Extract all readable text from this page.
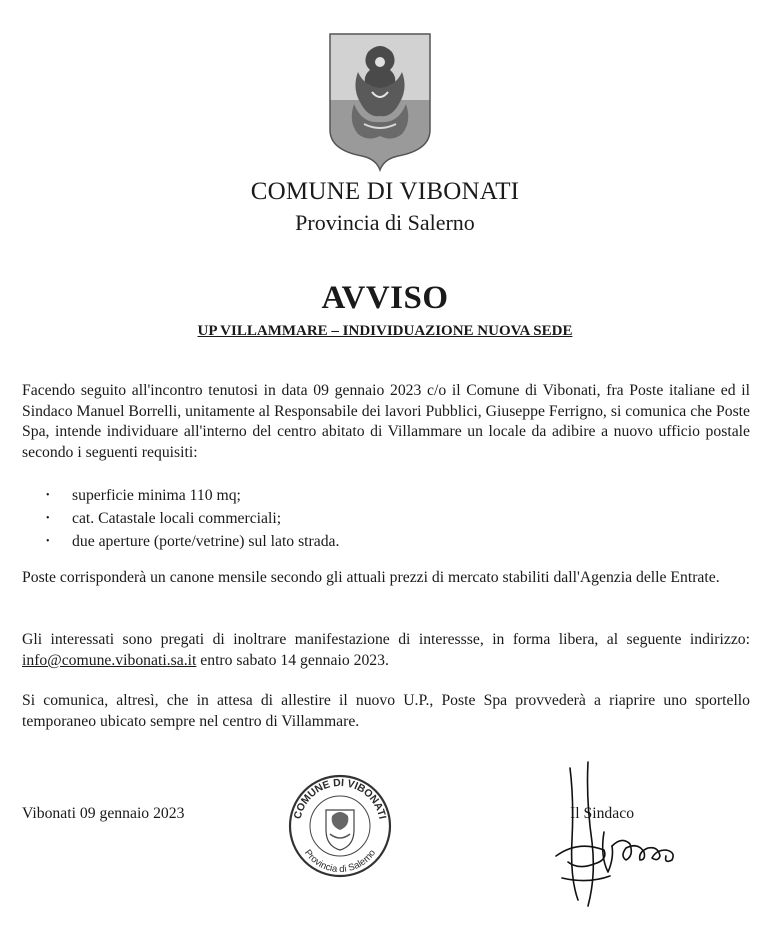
COMUNE DI VIBONATI
Provincia di Salerno
AVVISO
UP VILLAMMARE – INDIVIDUAZIONE NUOVA SEDE
Facendo seguito all'incontro tenutosi in data 09 gennaio 2023 c/o il Comune di Vibonati, fra Poste italiane ed il Sindaco Manuel Borrelli, unitamente al Responsabile dei lavori Pubblici, Giuseppe Ferrigno, si comunica che Poste Spa, intende individuare all'interno del centro abitato di Villammare un locale da adibire a nuovo ufficio postale secondo i seguenti requisiti:
• superficie minima 110 mq;
• cat. Catastale locali commerciali;
• due aperture (porte/vetrine) sul lato strada.
Poste corrisponderà un canone mensile secondo gli attuali prezzi di mercato stabiliti dall'Agenzia delle Entrate.
Gli interessati sono pregati di inoltrare manifestazione di interessse, in forma libera, al seguente indirizzo: info@comune.vibonati.sa.it entro sabato 14 gennaio 2023.
Si comunica, altresì, che in attesa di allestire il nuovo U.P., Poste Spa provvederà a riaprire uno sportello temporaneo ubicato sempre nel centro di Villammare.
Vibonati 09 gennaio 2023	COMUNE DI VIBONATI
Provincia di Salerno
Il Sindaco
